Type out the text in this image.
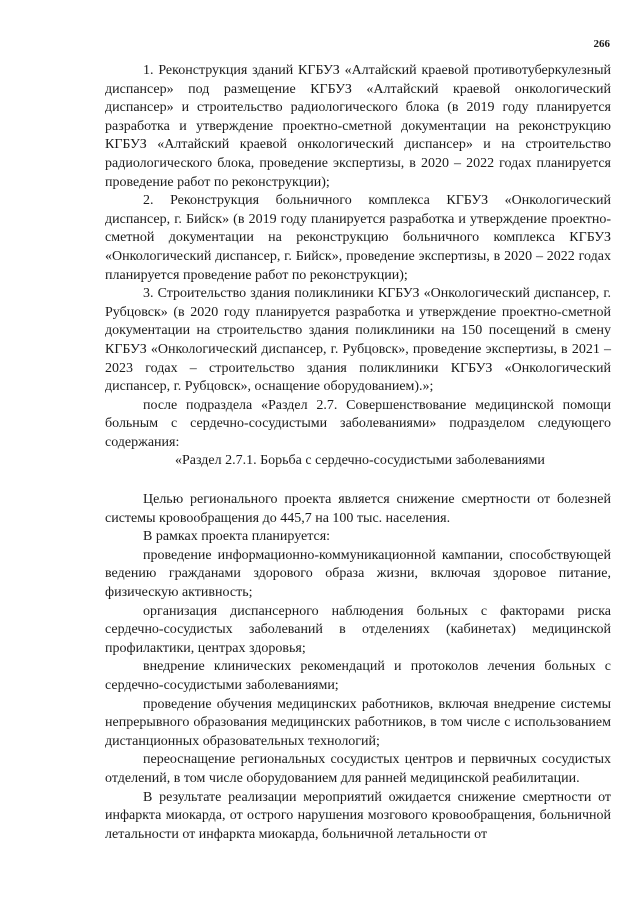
266

1. Реконструкция зданий КГБУЗ «Алтайский краевой противотуберкулезный диспансер» под размещение КГБУЗ «Алтайский краевой онкологический диспансер» и строительство радиологического блока (в 2019 году планируется разработка и утверждение проектно-сметной документации на реконструкцию КГБУЗ «Алтайский краевой онкологический диспансер» и на строительство радиологического блока, проведение экспертизы, в 2020 – 2022 годах планируется проведение работ по реконструкции);

2. Реконструкция больничного комплекса КГБУЗ «Онкологический диспансер, г. Бийск» (в 2019 году планируется разработка и утверждение проектно-сметной документации на реконструкцию больничного комплекса КГБУЗ «Онкологический диспансер, г. Бийск», проведение экспертизы, в 2020 – 2022 годах планируется проведение работ по реконструкции);

3. Строительство здания поликлиники КГБУЗ «Онкологический диспансер, г. Рубцовск» (в 2020 году планируется разработка и утверждение проектно-сметной документации на строительство здания поликлиники на 150 посещений в смену КГБУЗ «Онкологический диспансер, г. Рубцовск», проведение экспертизы, в 2021 – 2023 годах – строительство здания поликлиники КГБУЗ «Онкологический диспансер, г. Рубцовск», оснащение оборудованием).»;

после подраздела «Раздел 2.7. Совершенствование медицинской помощи больным с сердечно-сосудистыми заболеваниями» подразделом следующего содержания:

«Раздел 2.7.1. Борьба с сердечно-сосудистыми заболеваниями

Целью регионального проекта является снижение смертности от болезней системы кровообращения до 445,7 на 100 тыс. населения.

В рамках проекта планируется:

проведение информационно-коммуникационной кампании, способствующей ведению гражданами здорового образа жизни, включая здоровое питание, физическую активность;

организация диспансерного наблюдения больных с факторами риска сердечно-сосудистых заболеваний в отделениях (кабинетах) медицинской профилактики, центрах здоровья;

внедрение клинических рекомендаций и протоколов лечения больных с сердечно-сосудистыми заболеваниями;

проведение обучения медицинских работников, включая внедрение системы непрерывного образования медицинских работников, в том числе с использованием дистанционных образовательных технологий;

переоснащение региональных сосудистых центров и первичных сосудистых отделений, в том числе оборудованием для ранней медицинской реабилитации.

В результате реализации мероприятий ожидается снижение смертности от инфаркта миокарда, от острого нарушения мозгового кровообращения, больничной летальности от инфаркта миокарда, больничной летальности от
